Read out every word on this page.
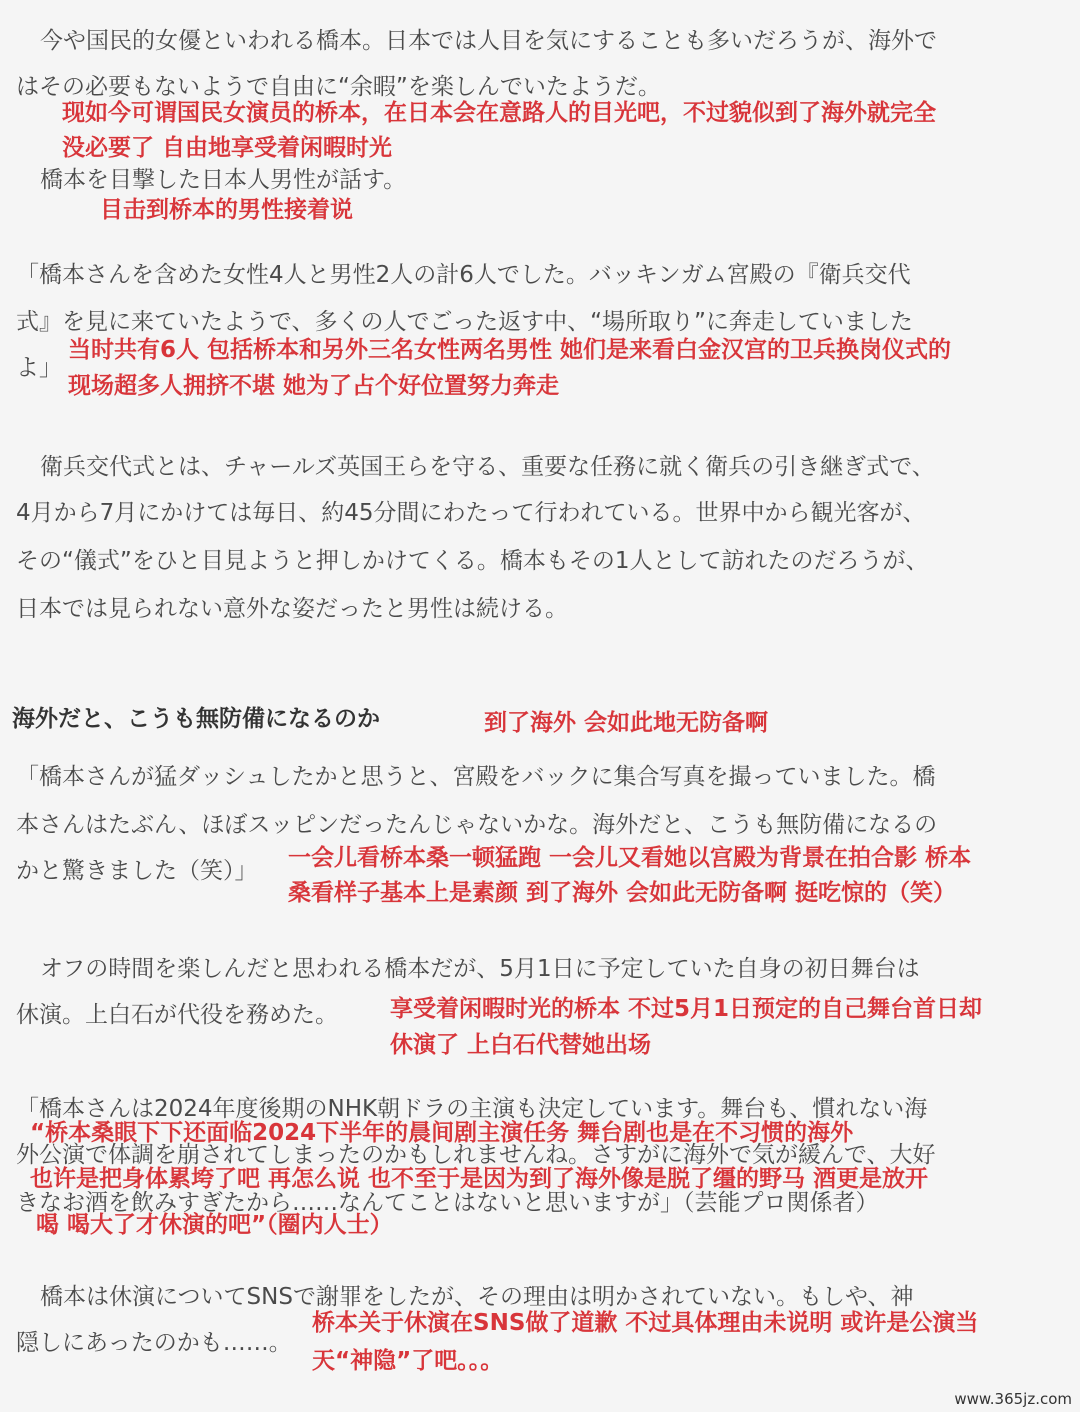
今や国民的女優といわれる橋本。日本では人目を気にすることも多いだろうが、海外で
はその必要もないようで自由に“余暇”を楽しんでいたようだ。
现如今可谓国民女演员的桥本，在日本会在意路人的目光吧，不过貌似到了海外就完全
没必要了 自由地享受着闲暇时光
橋本を目撃した日本人男性が話す。
目击到桥本的男性接着说
「橋本さんを含めた女性4人と男性2人の計6人でした。バッキンガム宮殿の『衛兵交代
式』を見に来ていたようで、多くの人でごった返す中、“場所取り”に奔走していました
よ」
当时共有6人 包括桥本和另外三名女性两名男性 她们是来看白金汉宫的卫兵换岗仪式的
现场超多人拥挤不堪 她为了占个好位置努力奔走
衛兵交代式とは、チャールズ英国王らを守る、重要な任務に就く衛兵の引き継ぎ式で、
4月から7月にかけては毎日、約45分間にわたって行われている。世界中から観光客が、
その“儀式”をひと目見ようと押しかけてくる。橋本もその1人として訪れたのだろうが、
日本では見られない意外な姿だったと男性は続ける。
海外だと、こうも無防備になるのか	到了海外 会如此地无防备啊
「橋本さんが猛ダッシュしたかと思うと、宮殿をバックに集合写真を撮っていました。橋
本さんはたぶん、ほぼスッピンだったんじゃないかな。海外だと、こうも無防備になるの
かと驚きました（笑）」 一会儿看桥本桑一顿猛跑 一会儿又看她以宫殿为背景在拍合影 桥本
桑看样子基本上是素颜 到了海外 会如此无防备啊 挺吃惊的（笑）
オフの時間を楽しんだと思われる橋本だが、5月1日に予定していた自身の初日舞台は
休演。上白石が代役を務めた。 享受着闲暇时光的桥本 不过5月1日预定的自己舞台首日却
休演了 上白石代替她出场
「橋本さんは2024年度後期のNHK朝ドラの主演も決定しています。舞台も、慣れない海
外公演で体調を崩されてしまったのかもしれませんね。さすがに海外で気が緩んで、大好
きなお酒を飲みすぎたから……なんてことはないと思いますが」（芸能プロ関係者）
“桥本桑眼下下还面临2024下半年的晨间剧主演任务 舞台剧也是在不习惯的海外
也许是把身体累垮了吧 再怎么说 也不至于是因为到了海外像是脱了缰的野马 酒更是放开
喝 喝大了才休演的吧”（圈内人士）
橋本は休演についてSNSで謝罪をしたが、その理由は明かされていない。もしや、神
隠しにあったのかも……。
桥本关于休演在SNS做了道歉 不过具体理由未说明 或许是公演当
天“神隐”了吧。。。
www.365jz.com
